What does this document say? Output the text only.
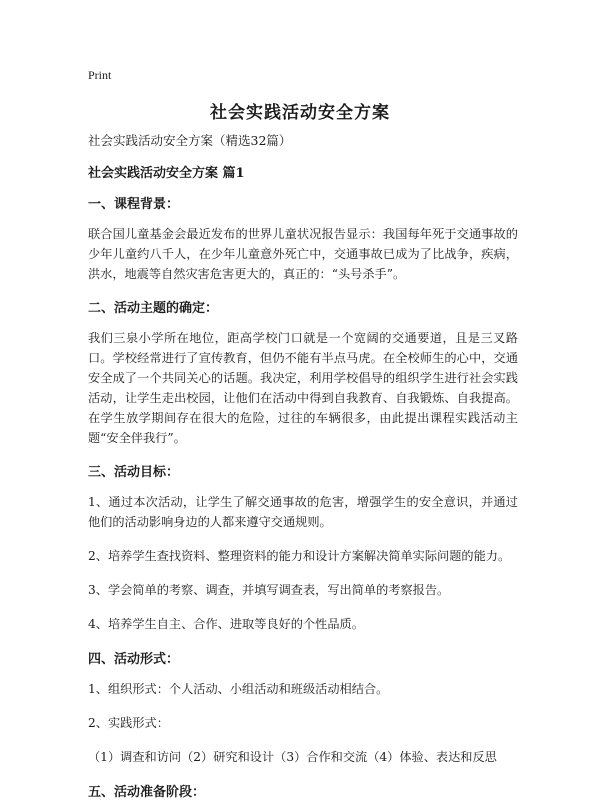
Print
社会实践活动安全方案
社会实践活动安全方案（精选32篇）
社会实践活动安全方案 篇1
一、课程背景：
联合国儿童基金会最近发布的世界儿童状况报告显示：我国每年死于交通事故的少年儿童约八千人，在少年儿童意外死亡中，交通事故已成为了比战争，疾病，洪水，地震等自然灾害危害更大的，真正的：“头号杀手”。
二、活动主题的确定：
我们三泉小学所在地位，距高学校门口就是一个宽阔的交通要道，且是三叉路口。学校经常进行了宣传教育，但仍不能有半点马虎。在全校师生的心中，交通安全成了一个共同关心的话题。我决定，利用学校倡导的组织学生进行社会实践活动，让学生走出校园，让他们在活动中得到自我教育、自我锻炼、自我提高。在学生放学期间存在很大的危险，过往的车辆很多，由此提出课程实践活动主题“安全伴我行”。
三、活动目标：
1、通过本次活动，让学生了解交通事故的危害，增强学生的安全意识，并通过他们的活动影响身边的人都来遵守交通规则。
2、培养学生查找资料、整理资料的能力和设计方案解决简单实际问题的能力。
3、学会简单的考察、调查，并填写调查表，写出简单的考察报告。
4、培养学生自主、合作、进取等良好的个性品质。
四、活动形式：
1、组织形式：个人活动、小组活动和班级活动相结合。
2、实践形式：
（1）调查和访问（2）研究和设计（3）合作和交流（4）体验、表达和反思
五、活动准备阶段：
